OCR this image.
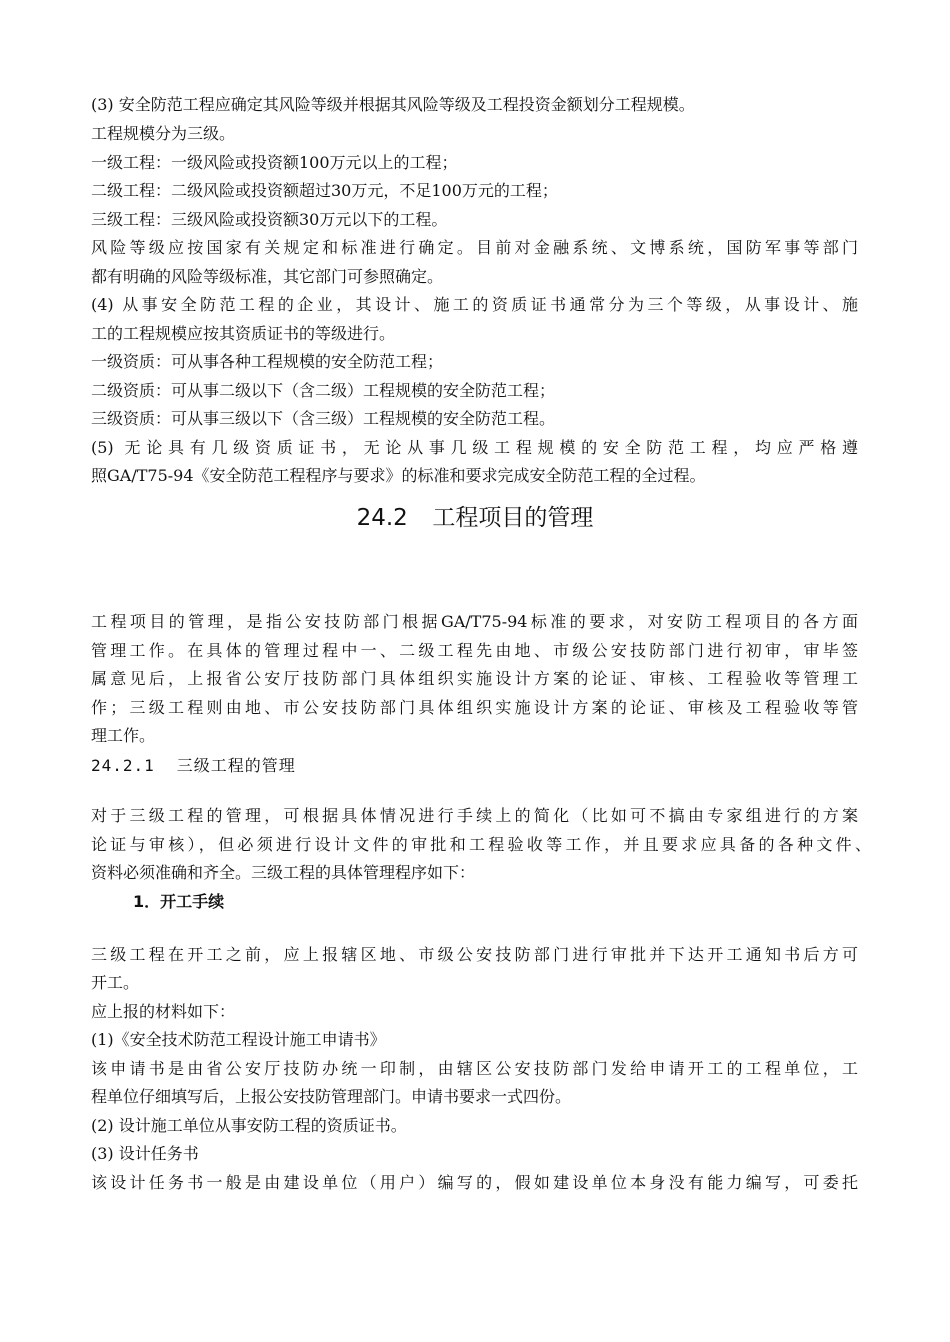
(3) 安全防范工程应确定其风险等级并根据其风险等级及工程投资金额划分工程规模。
工程规模分为三级。
一级工程：一级风险或投资额100万元以上的工程；
二级工程：二级风险或投资额超过30万元，不足100万元的工程；
三级工程：三级风险或投资额30万元以下的工程。
风险等级应按国家有关规定和标准进行确定。目前对金融系统、文博系统，国防军事等部门
都有明确的风险等级标准，其它部门可参照确定。
(4) 从事安全防范工程的企业，其设计、施工的资质证书通常分为三个等级，从事设计、施
工的工程规模应按其资质证书的等级进行。
一级资质：可从事各种工程规模的安全防范工程；
二级资质：可从事二级以下（含二级）工程规模的安全防范工程；
三级资质：可从事三级以下（含三级）工程规模的安全防范工程。
(5) 无论具有几级资质证书，无论从事几级工程规模的安全防范工程，均应严格遵
照GA/T75-94《安全防范工程程序与要求》的标准和要求完成安全防范工程的全过程。
24.2 工程项目的管理
工程项目的管理，是指公安技防部门根据GA/T75-94标准的要求，对安防工程项目的各方面
管理工作。在具体的管理过程中一、二级工程先由地、市级公安技防部门进行初审，审毕签
属意见后，上报省公安厅技防部门具体组织实施设计方案的论证、审核、工程验收等管理工
作；三级工程则由地、市公安技防部门具体组织实施设计方案的论证、审核及工程验收等管
理工作。
24.2.1 三级工程的管理
对于三级工程的管理，可根据具体情况进行手续上的简化（比如可不搞由专家组进行的方案
论证与审核），但必须进行设计文件的审批和工程验收等工作，并且要求应具备的各种文件、
资料必须准确和齐全。三级工程的具体管理程序如下：
1．开工手续
三级工程在开工之前，应上报辖区地、市级公安技防部门进行审批并下达开工通知书后方可
开工。
应上报的材料如下：
(1)《安全技术防范工程设计施工申请书》
该申请书是由省公安厅技防办统一印制，由辖区公安技防部门发给申请开工的工程单位，工
程单位仔细填写后，上报公安技防管理部门。申请书要求一式四份。
(2) 设计施工单位从事安防工程的资质证书。
(3) 设计任务书
该设计任务书一般是由建设单位（用户）编写的，假如建设单位本身没有能力编写，可委托
